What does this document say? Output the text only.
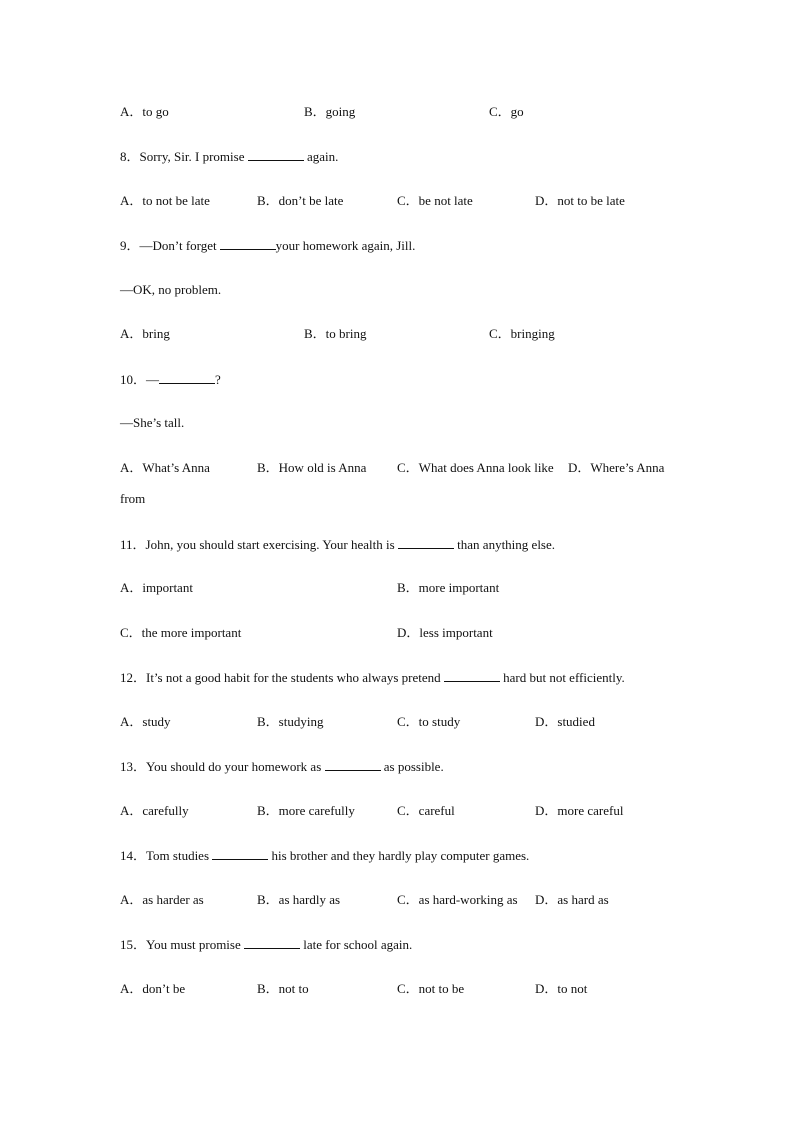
A．to go	B．going	C．go
8．Sorry, Sir. I promise	again.
A．to not be late	B．don’t be late	C．be not late	D．not to be late
9．—Don’t forget	your homework again, Jill.
—OK, no problem.
A．bring	B．to bring	C．bringing
10．—	?
—She’s tall.
A．What’s Anna	B．How old is Anna C．What does Anna look like D．Where’s Anna
from
11．John, you should start exercising. Your health is	than anything else.
A．important	B．more important
C．the more important	D．less important
12．It’s not a good habit for the students who always pretend	hard but not efficiently.
A．study	B．studying	C．to study	D．studied
13．You should do your homework as	as possible.
A．carefully	B．more carefully	C．careful	D．more careful
14．Tom studies	his brother and they hardly play computer games.
A．as harder as	B．as hardly as	C．as hard-working as D．as hard as
15．You must promise	late for school again.
A．don’t be	B．not to	C．not to be	D．to not
